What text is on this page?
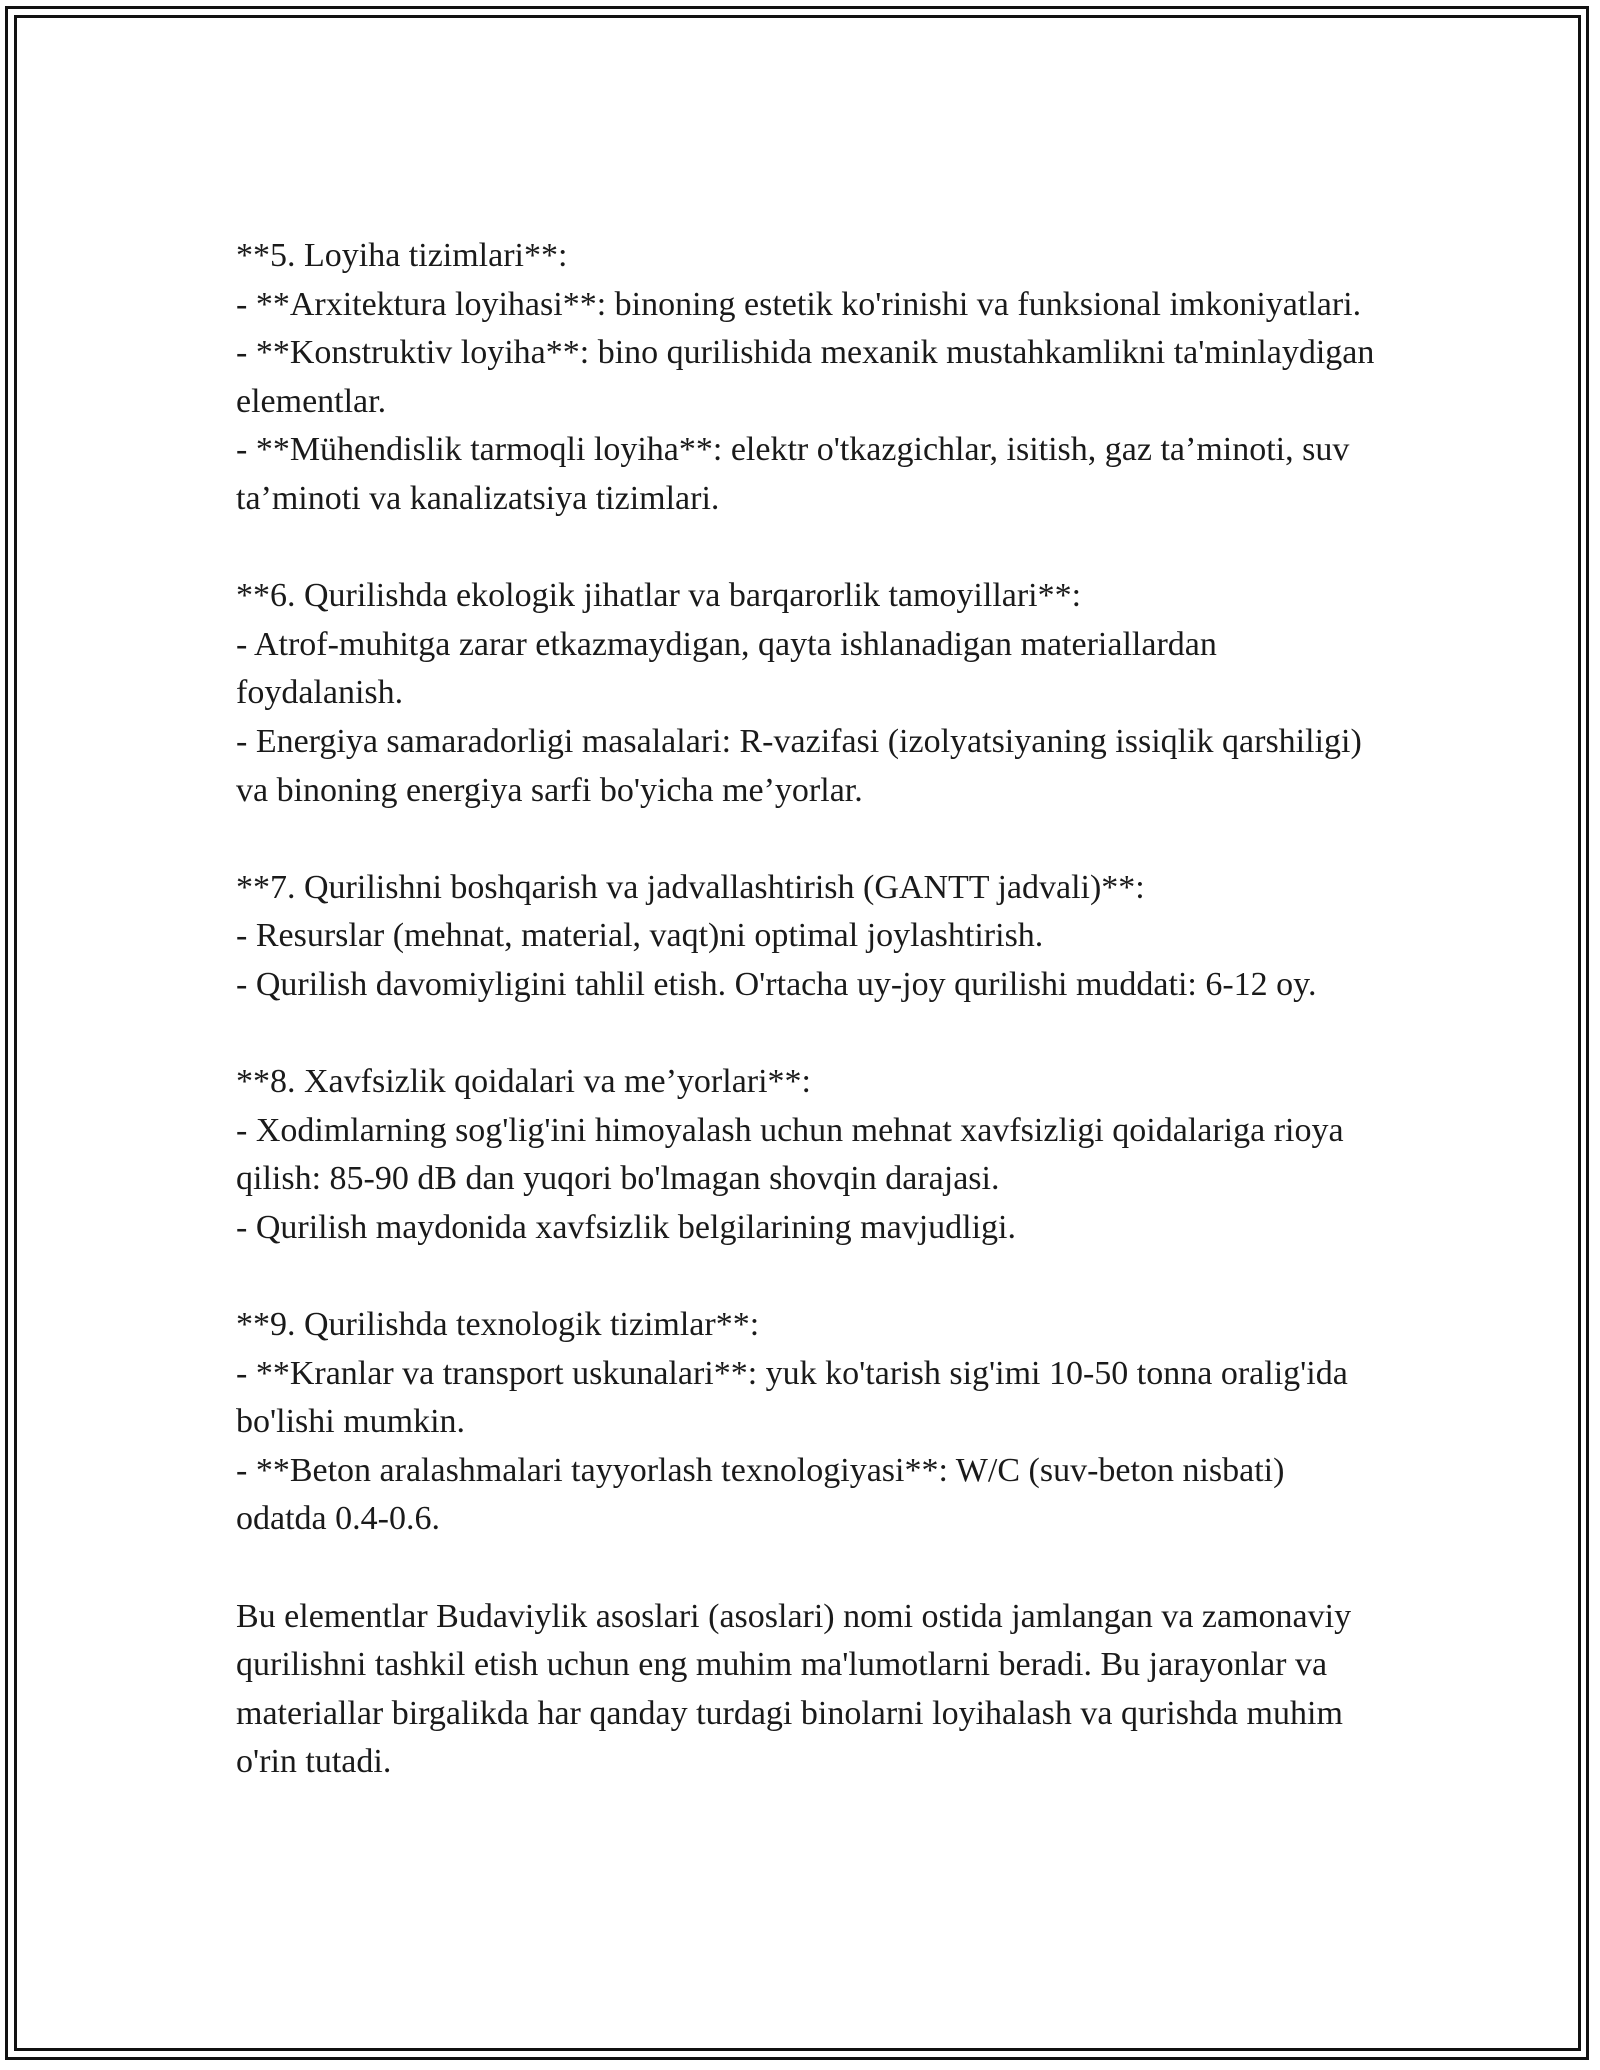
**5. Loyiha tizimlari**:
- **Arxitektura loyihasi**: binoning estetik ko'rinishi va funksional imkoniyatlari.
- **Konstruktiv loyiha**: bino qurilishida mexanik mustahkamlikni ta'minlaydigan elementlar.
- **Mühendislik tarmoqli loyiha**: elektr o'tkazgichlar, isitish, gaz ta’minoti, suv ta’minoti va kanalizatsiya tizimlari.
**6. Qurilishda ekologik jihatlar va barqarorlik tamoyillari**:
- Atrof-muhitga zarar etkazmaydigan, qayta ishlanadigan materiallardan foydalanish.
- Energiya samaradorligi masalalari: R-vazifasi (izolyatsiyaning issiqlik qarshiligi) va binoning energiya sarfi bo'yicha me’yorlar.
**7. Qurilishni boshqarish va jadvallashtirish (GANTT jadvali)**:
- Resurslar (mehnat, material, vaqt)ni optimal joylashtirish.
- Qurilish davomiyligini tahlil etish. O'rtacha uy-joy qurilishi muddati: 6-12 oy.
**8. Xavfsizlik qoidalari va me’yorlari**:
- Xodimlarning sog'lig'ini himoyalash uchun mehnat xavfsizligi qoidalariga rioya qilish: 85-90 dB dan yuqori bo'lmagan shovqin darajasi.
- Qurilish maydonida xavfsizlik belgilarining mavjudligi.
**9. Qurilishda texnologik tizimlar**:
- **Kranlar va transport uskunalari**: yuk ko'tarish sig'imi 10-50 tonna oralig'ida bo'lishi mumkin.
- **Beton aralashmalari tayyorlash texnologiyasi**: W/C (suv-beton nisbati) odatda 0.4-0.6.
Bu elementlar Budaviylik asoslari (asoslari) nomi ostida jamlangan va zamonaviy qurilishni tashkil etish uchun eng muhim ma'lumotlarni beradi. Bu jarayonlar va materiallar birgalikda har qanday turdagi binolarni loyihalash va qurishda muhim o'rin tutadi.
